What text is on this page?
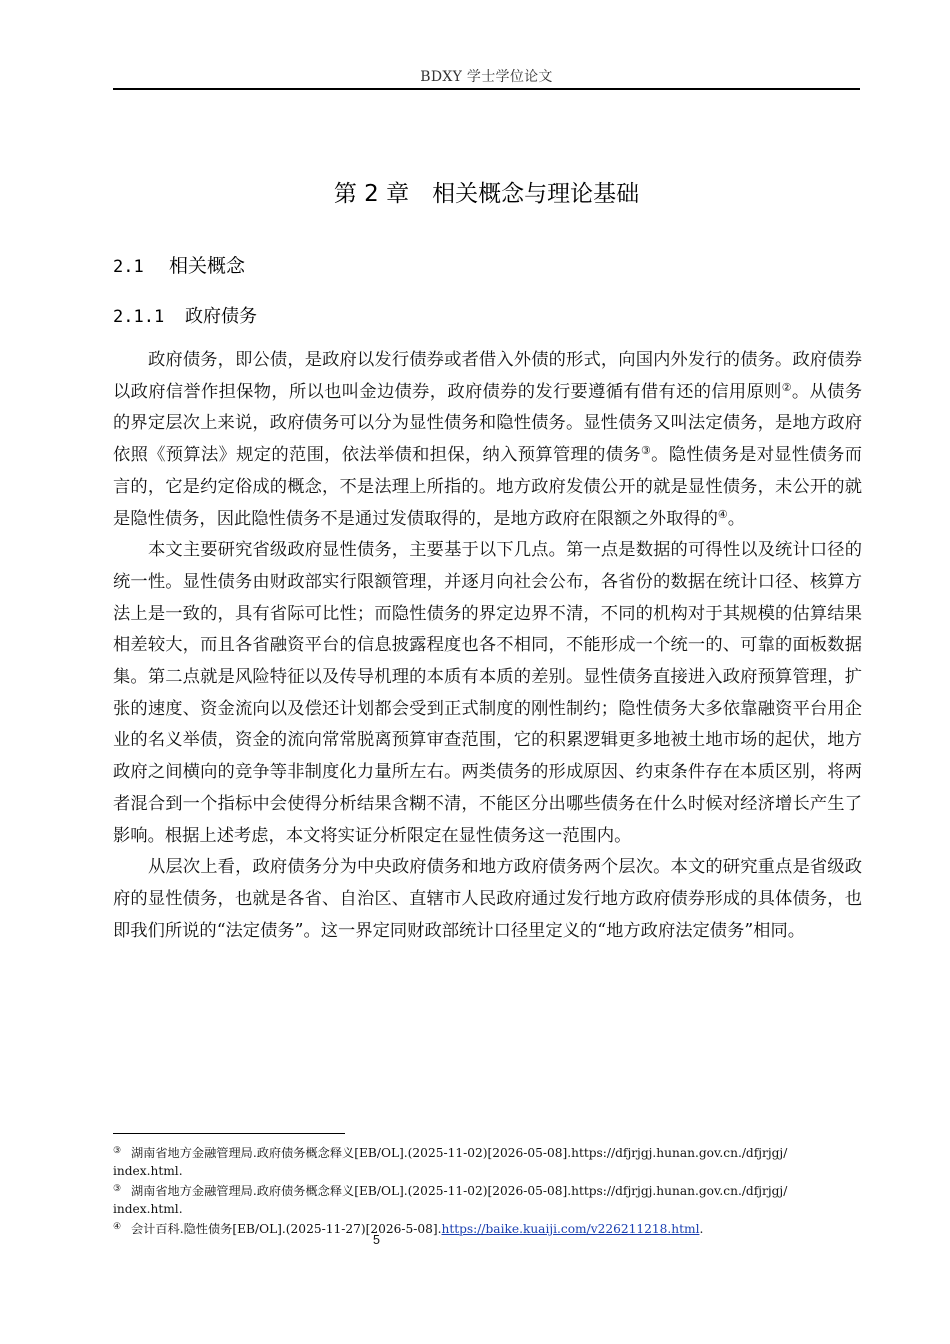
BDXY 学士学位论文
第 2 章　相关概念与理论基础
2.1 相关概念
2.1.1 政府债务

政府债务，即公债，是政府以发行债券或者借入外债的形式，向国内外发行的债务。政府债券以政府信誉作担保物，所以也叫金边债券，政府债券的发行要遵循有借有还的信用原则②。从债务的界定层次上来说，政府债务可以分为显性债务和隐性债务。显性债务又叫法定债务，是地方政府依照《预算法》规定的范围，依法举债和担保，纳入预算管理的债务③。隐性债务是对显性债务而言的，它是约定俗成的概念，不是法理上所指的。地方政府发债公开的就是显性债务，未公开的就是隐性债务，因此隐性债务不是通过发债取得的，是地方政府在限额之外取得的④。

本文主要研究省级政府显性债务，主要基于以下几点。第一点是数据的可得性以及统计口径的统一性。显性债务由财政部实行限额管理，并逐月向社会公布，各省份的数据在统计口径、核算方法上是一致的，具有省际可比性；而隐性债务的界定边界不清，不同的机构对于其规模的估算结果相差较大，而且各省融资平台的信息披露程度也各不相同，不能形成一个统一的、可靠的面板数据集。第二点就是风险特征以及传导机理的本质有本质的差别。显性债务直接进入政府预算管理，扩张的速度、资金流向以及偿还计划都会受到正式制度的刚性制约；隐性债务大多依靠融资平台用企业的名义举债，资金的流向常常脱离预算审查范围，它的积累逻辑更多地被土地市场的起伏，地方政府之间横向的竞争等非制度化力量所左右。两类债务的形成原因、约束条件存在本质区别，将两者混合到一个指标中会使得分析结果含糊不清，不能区分出哪些债务在什么时候对经济增长产生了影响。根据上述考虑，本文将实证分析限定在显性债务这一范围内。

从层次上看，政府债务分为中央政府债务和地方政府债务两个层次。本文的研究重点是省级政府的显性债务，也就是各省、自治区、直辖市人民政府通过发行地方政府债券形成的具体债务，也即我们所说的“法定债务”。这一界定同财政部统计口径里定义的“地方政府法定债务”相同。

③ 湖南省地方金融管理局.政府债务概念释义[EB/OL].(2025-11-02)[2026-05-08].https://dfjrjgj.hunan.gov.cn./dfjrjgj/ index.html.
③ 湖南省地方金融管理局.政府债务概念释义[EB/OL].(2025-11-02)[2026-05-08].https://dfjrjgj.hunan.gov.cn./dfjrjgj/ index.html.
④ 会计百科.隐性债务[EB/OL].(2025-11-27)[2026-5-08].https://baike.kuaiji.com/v226211218.html.
5
